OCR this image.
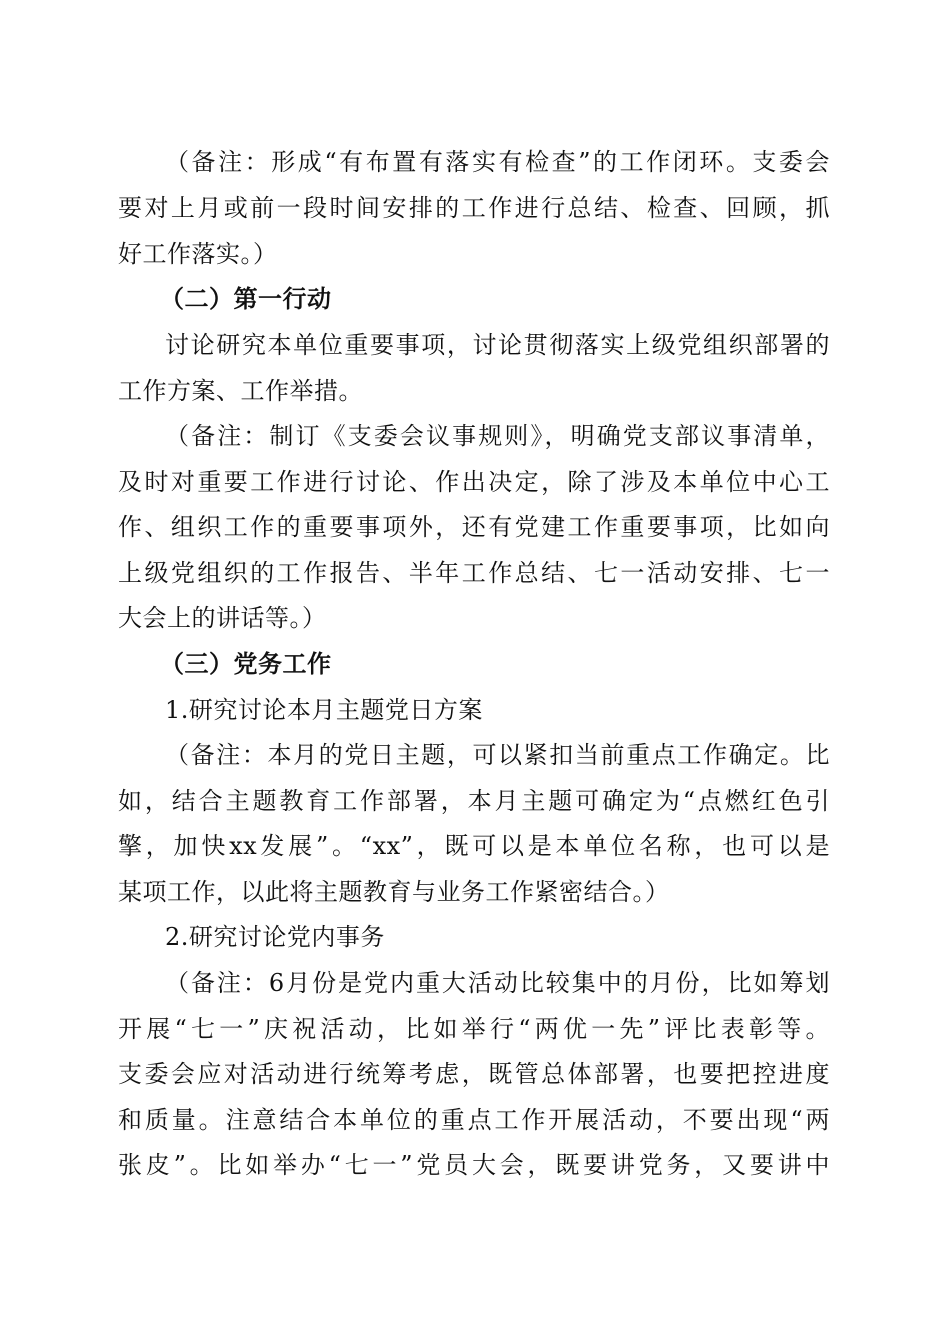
（备注：形成“有布置有落实有检查”的工作闭环。支委会
要对上月或前一段时间安排的工作进行总结、检查、回顾，抓
好工作落实。）
（二）第一行动
讨论研究本单位重要事项，讨论贯彻落实上级党组织部署的
工作方案、工作举措。
（备注：制订《支委会议事规则》，明确党支部议事清单，
及时对重要工作进行讨论、作出决定，除了涉及本单位中心工
作、组织工作的重要事项外，还有党建工作重要事项，比如向
上级党组织的工作报告、半年工作总结、七一活动安排、七一
大会上的讲话等。）
（三）党务工作
1.研究讨论本月主题党日方案
（备注：本月的党日主题，可以紧扣当前重点工作确定。比
如，结合主题教育工作部署，本月主题可确定为“点燃红色引
擎，加快xx发展”。“xx”，既可以是本单位名称，也可以是
某项工作，以此将主题教育与业务工作紧密结合。）
2.研究讨论党内事务
（备注：6月份是党内重大活动比较集中的月份，比如筹划
开展“七一”庆祝活动，比如举行“两优一先”评比表彰等。
支委会应对活动进行统筹考虑，既管总体部署，也要把控进度
和质量。注意结合本单位的重点工作开展活动，不要出现“两
张皮”。比如举办“七一”党员大会，既要讲党务，又要讲中
